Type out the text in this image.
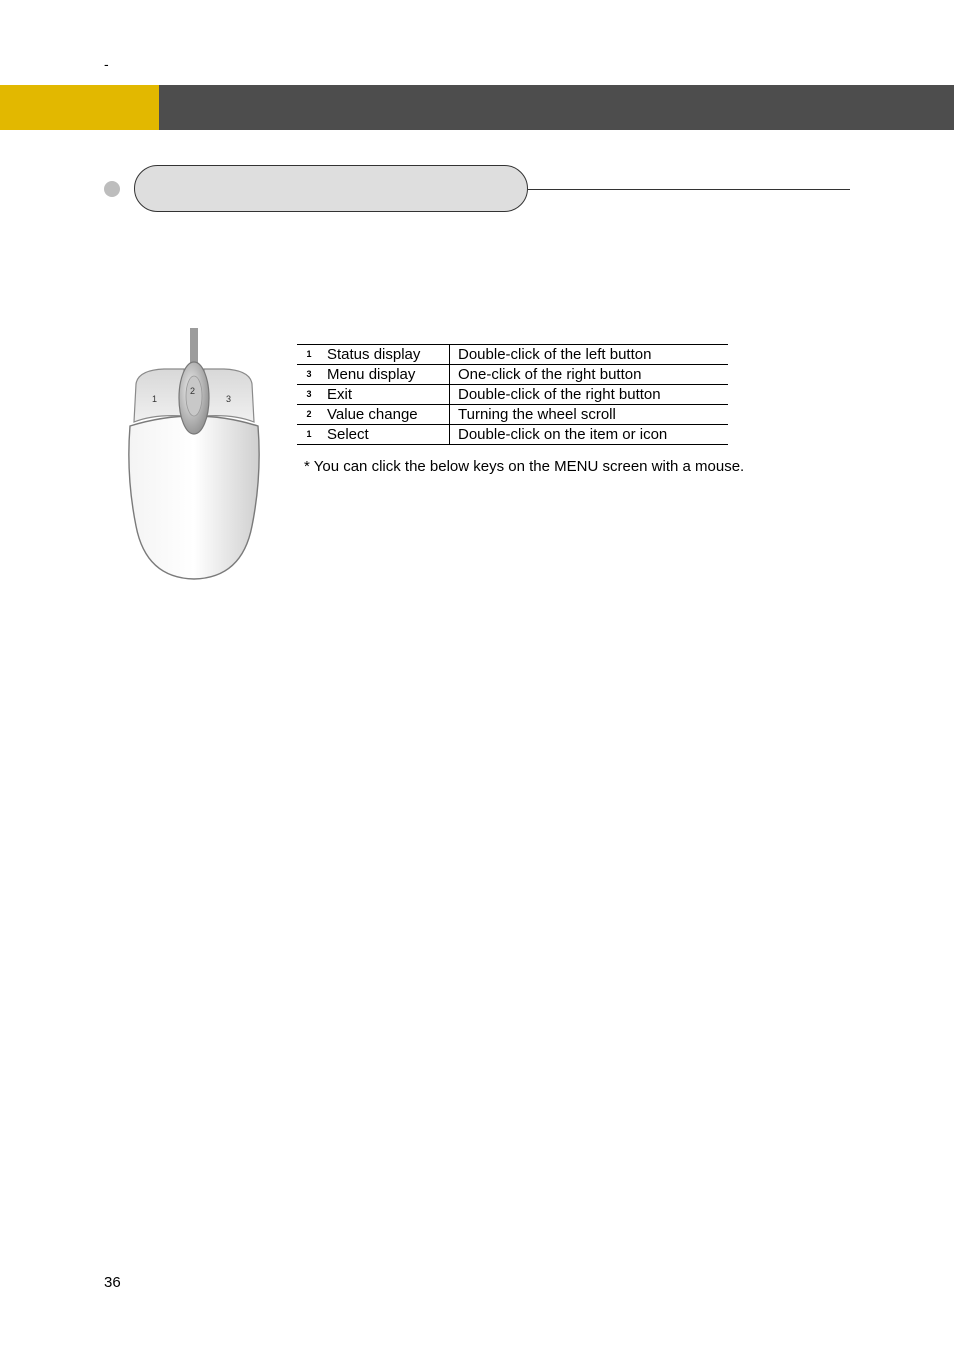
-
1
2
3
1	Status display	Double-click of the left button
3	Menu display	One-click of the right button
3	Exit	Double-click of the right button
2	Value change	Turning the wheel scroll
1	Select	Double-click on the item or icon
* You can click the below keys on the MENU screen with a mouse.
36
